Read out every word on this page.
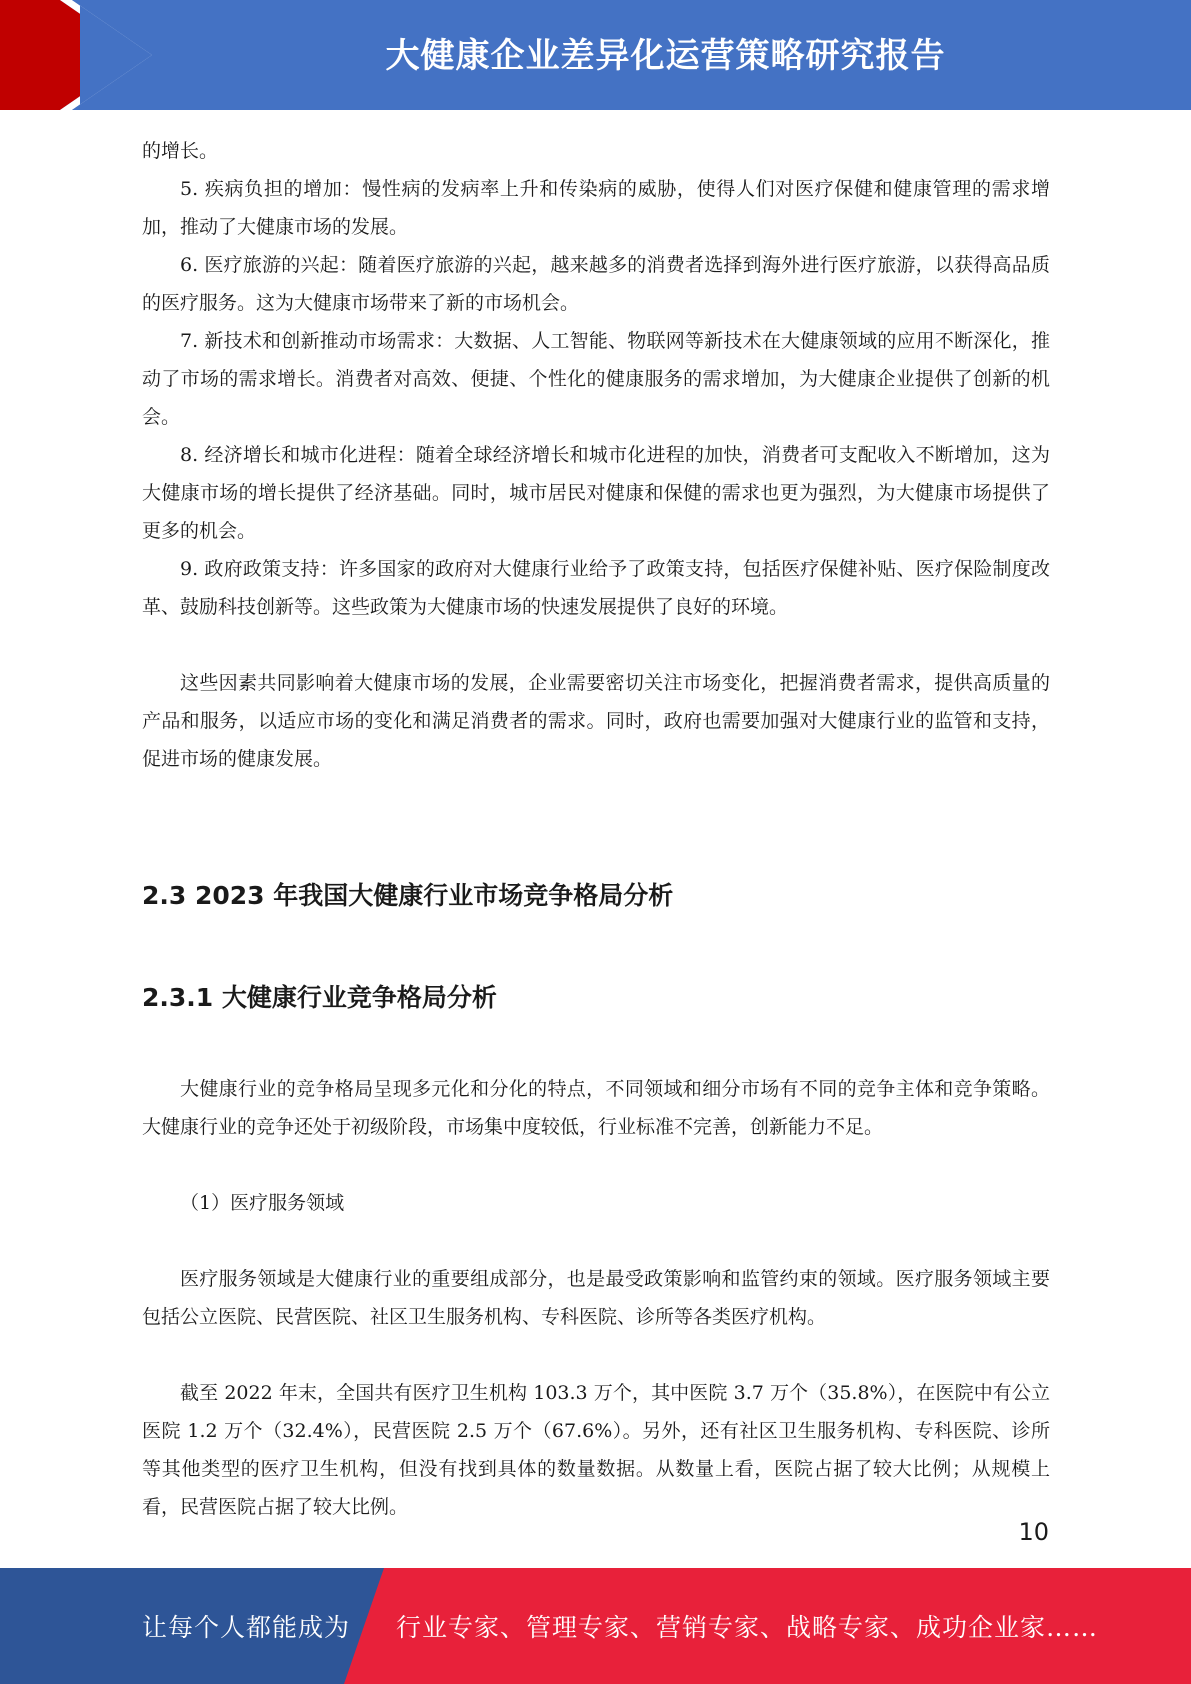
大健康企业差异化运营策略研究报告

的增长。

5. 疾病负担的增加：慢性病的发病率上升和传染病的威胁，使得人们对医疗保健和健康管理的需求增加，推动了大健康市场的发展。

6. 医疗旅游的兴起：随着医疗旅游的兴起，越来越多的消费者选择到海外进行医疗旅游，以获得高品质的医疗服务。这为大健康市场带来了新的市场机会。

7. 新技术和创新推动市场需求：大数据、人工智能、物联网等新技术在大健康领域的应用不断深化，推动了市场的需求增长。消费者对高效、便捷、个性化的健康服务的需求增加，为大健康企业提供了创新的机会。

8. 经济增长和城市化进程：随着全球经济增长和城市化进程的加快，消费者可支配收入不断增加，这为大健康市场的增长提供了经济基础。同时，城市居民对健康和保健的需求也更为强烈，为大健康市场提供了更多的机会。

9. 政府政策支持：许多国家的政府对大健康行业给予了政策支持，包括医疗保健补贴、医疗保险制度改革、鼓励科技创新等。这些政策为大健康市场的快速发展提供了良好的环境。

这些因素共同影响着大健康市场的发展，企业需要密切关注市场变化，把握消费者需求，提供高质量的产品和服务，以适应市场的变化和满足消费者的需求。同时，政府也需要加强对大健康行业的监管和支持，促进市场的健康发展。

2.3 2023 年我国大健康行业市场竞争格局分析
2.3.1 大健康行业竞争格局分析

大健康行业的竞争格局呈现多元化和分化的特点，不同领域和细分市场有不同的竞争主体和竞争策略。大健康行业的竞争还处于初级阶段，市场集中度较低，行业标准不完善，创新能力不足。

（1）医疗服务领域

医疗服务领域是大健康行业的重要组成部分，也是最受政策影响和监管约束的领域。医疗服务领域主要包括公立医院、民营医院、社区卫生服务机构、专科医院、诊所等各类医疗机构。

截至 2022 年末，全国共有医疗卫生机构 103.3 万个，其中医院 3.7 万个（35.8%），在医院中有公立医院 1.2 万个（32.4%），民营医院 2.5 万个（67.6%）。另外，还有社区卫生服务机构、专科医院、诊所等其他类型的医疗卫生机构，但没有找到具体的数量数据。从数量上看，医院占据了较大比例；从规模上看，民营医院占据了较大比例。

10
让每个人都能成为 行业专家、管理专家、营销专家、战略专家、成功企业家……
